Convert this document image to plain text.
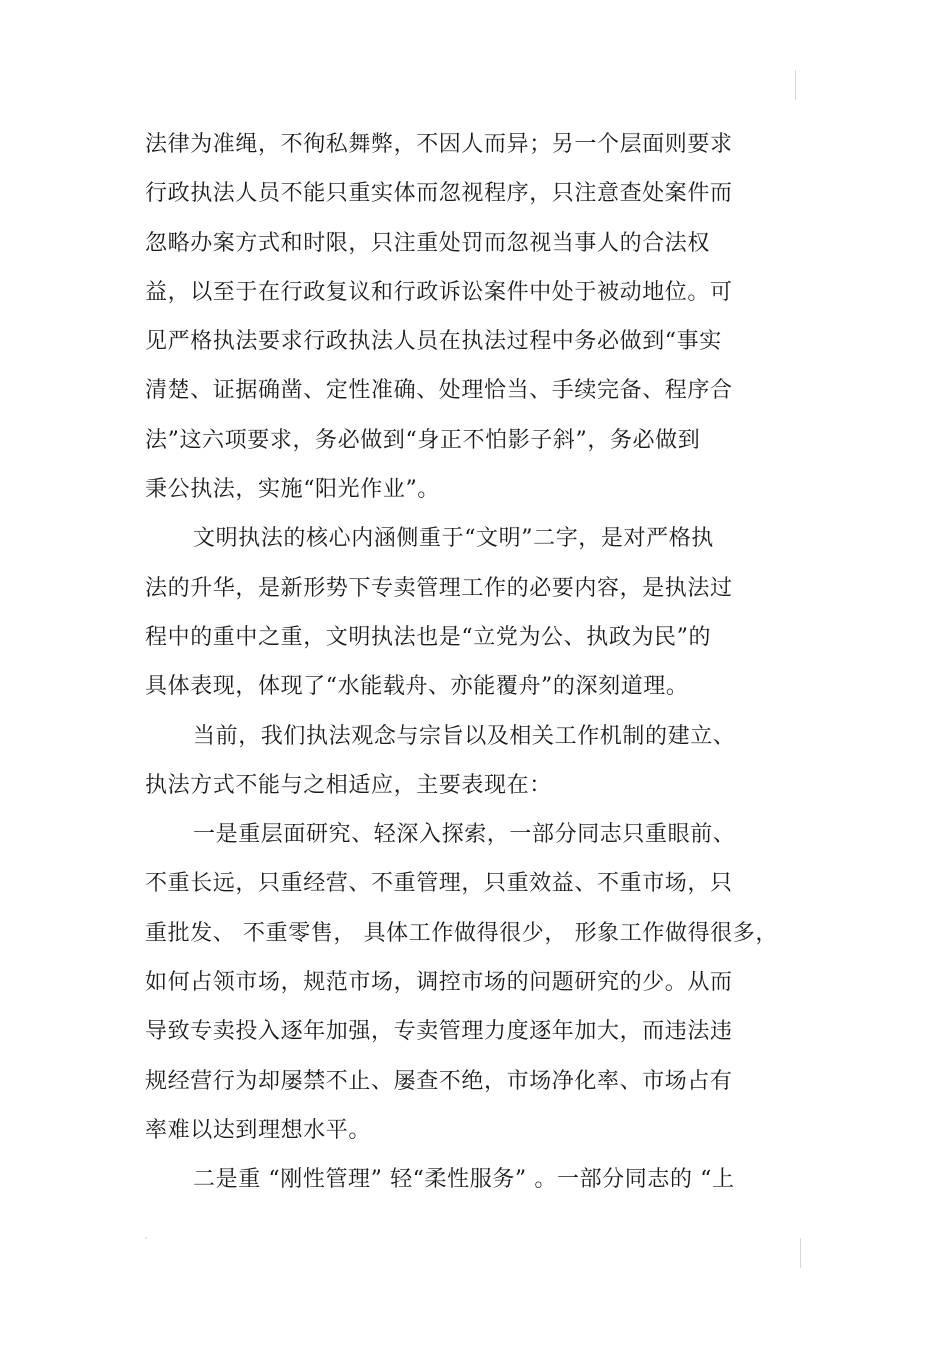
法律为准绳，不徇私舞弊，不因人而异；另一个层面则要求
行政执法人员不能只重实体而忽视程序，只注意查处案件而
忽略办案方式和时限，只注重处罚而忽视当事人的合法权
益，以至于在行政复议和行政诉讼案件中处于被动地位。可
见严格执法要求行政执法人员在执法过程中务必做到“事实
清楚、证据确凿、定性准确、处理恰当、手续完备、程序合
法”这六项要求，务必做到“身正不怕影子斜”，务必做到
秉公执法，实施“阳光作业”。
文明执法的核心内涵侧重于“文明”二字，是对严格执
法的升华，是新形势下专卖管理工作的必要内容，是执法过
程中的重中之重，文明执法也是“立党为公、执政为民”的
具体表现，体现了“水能载舟、亦能覆舟”的深刻道理。
当前，我们执法观念与宗旨以及相关工作机制的建立、
执法方式不能与之相适应，主要表现在：
一是重层面研究、轻深入探索，一部分同志只重眼前、
不重长远，只重经营、不重管理，只重效益、不重市场，只
重批发、 不重零售， 具体工作做得很少， 形象工作做得很多，
如何占领市场，规范市场，调控市场的问题研究的少。从而
导致专卖投入逐年加强，专卖管理力度逐年加大，而违法违
规经营行为却屡禁不止、屡查不绝，市场净化率、市场占有
率难以达到理想水平。
二是重 “刚性管理” 轻“柔性服务” 。一部分同志的 “上
